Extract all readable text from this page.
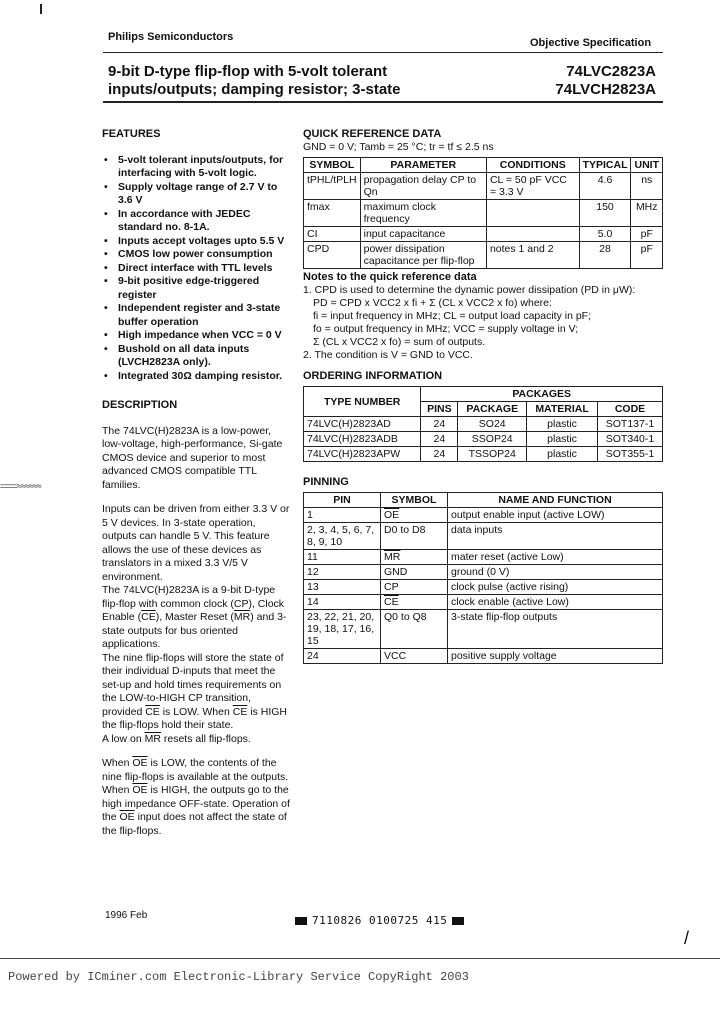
Philips Semiconductors	Objective Specification
9-bit D-type flip-flop with 5-volt tolerant
inputs/outputs; damping resistor; 3-state
74LVC2823A
74LVCH2823A
FEATURES
• 5-volt tolerant inputs/outputs, for interfacing with 5-volt logic.
• Supply voltage range of 2.7 V to 3.6 V
• In accordance with JEDEC standard no. 8-1A.
• Inputs accept voltages upto 5.5 V
• CMOS low power consumption
• Direct interface with TTL levels
• 9-bit positive edge-triggered register
• Independent register and 3-state buffer operation
• High impedance when VCC = 0 V
• Bushold on all data inputs (LVCH2823A only).
• Integrated 30Ω damping resistor.
DESCRIPTION

The 74LVC(H)2823A is a low-power, low-voltage, high-performance, Si-gate CMOS device and superior to most advanced CMOS compatible TTL families.

Inputs can be driven from either 3.3 V or 5 V devices. In 3-state operation, outputs can handle 5 V. This feature allows the use of these devices as translators in a mixed 3.3 V/5 V environment.

The 74LVC(H)2823A is a 9-bit D-type flip-flop with common clock (CP), Clock Enable $(\overline{CE})$, Master Reset $(\overline{MR})$ and 3-state outputs for bus oriented applications.

The nine flip-flops will store the state of their individual D-inputs that meet the set-up and hold times requirements on the LOW-to-HIGH CP transition, provided $\overline{CE}$ is LOW. When $\overline{CE}$ is HIGH the flip-flops hold their state.

A low on $\overline{MR}$ resets all flip-flops.

When $\overline{OE}$ is LOW, the contents of the nine flip-flops is available at the outputs. When $\overline{OE}$ is HIGH, the outputs go to the high impedance OFF-state. Operation of the $\overline{OE}$ input does not affect the state of the flip-flops.

QUICK REFERENCE DATA
GND = 0 V; Tamb = 25 °C; tr = tf ≤ 2.5 ns
SYMBOL	PARAMETER	CONDITIONS	TYPICAL	UNIT
tPHL/tPLH	propagation delay CP to Qn	CL = 50 pF VCC = 3.3 V	4.6	ns
fmax	maximum clock frequency		150	MHz
CI	input capacitance		5.0	pF
CPD	power dissipation capacitance per flip-flop	notes 1 and 2	28	pF
Notes to the quick reference data
1. CPD is used to determine the dynamic power dissipation (PD in μW):
PD = CPD x VCC2 x fi + Σ (CL x VCC2 x fo) where:
fi = input frequency in MHz; CL = output load capacity in pF;
fo = output frequency in MHz; VCC = supply voltage in V;
Σ (CL x VCC2 x fo) = sum of outputs.
2. The condition is V = GND to VCC.
ORDERING INFORMATION
TYPE NUMBER	PACKAGES			
	PINS	PACKAGE	MATERIAL	CODE
74LVC(H)2823AD	24	SO24	plastic	SOT137-1
74LVC(H)2823ADB	24	SSOP24	plastic	SOT340-1
74LVC(H)2823APW	24	TSSOP24	plastic	SOT355-1
PINNING
PIN	SYMBOL	NAME AND FUNCTION
1	$\overline{OE}$	output enable input (active LOW)
2, 3, 4, 5, 6, 7, 8, 9, 10	D0 to D8	data inputs
11	$\overline{MR}$	mater reset (active Low)
12	GND	ground (0 V)
13	CP	clock pulse (active rising)
14	$\overline{CE}$	clock enable (active Low)
23, 22, 21, 20, 19, 18, 17, 16, 15	Q0 to Q8	3-state flip-flop outputs
24	VCC	positive supply voltage
====≈≈≈≈≈≈
1996 Feb	7110826 0100725 415
/
Powered by ICminer.com Electronic-Library Service CopyRight 2003
